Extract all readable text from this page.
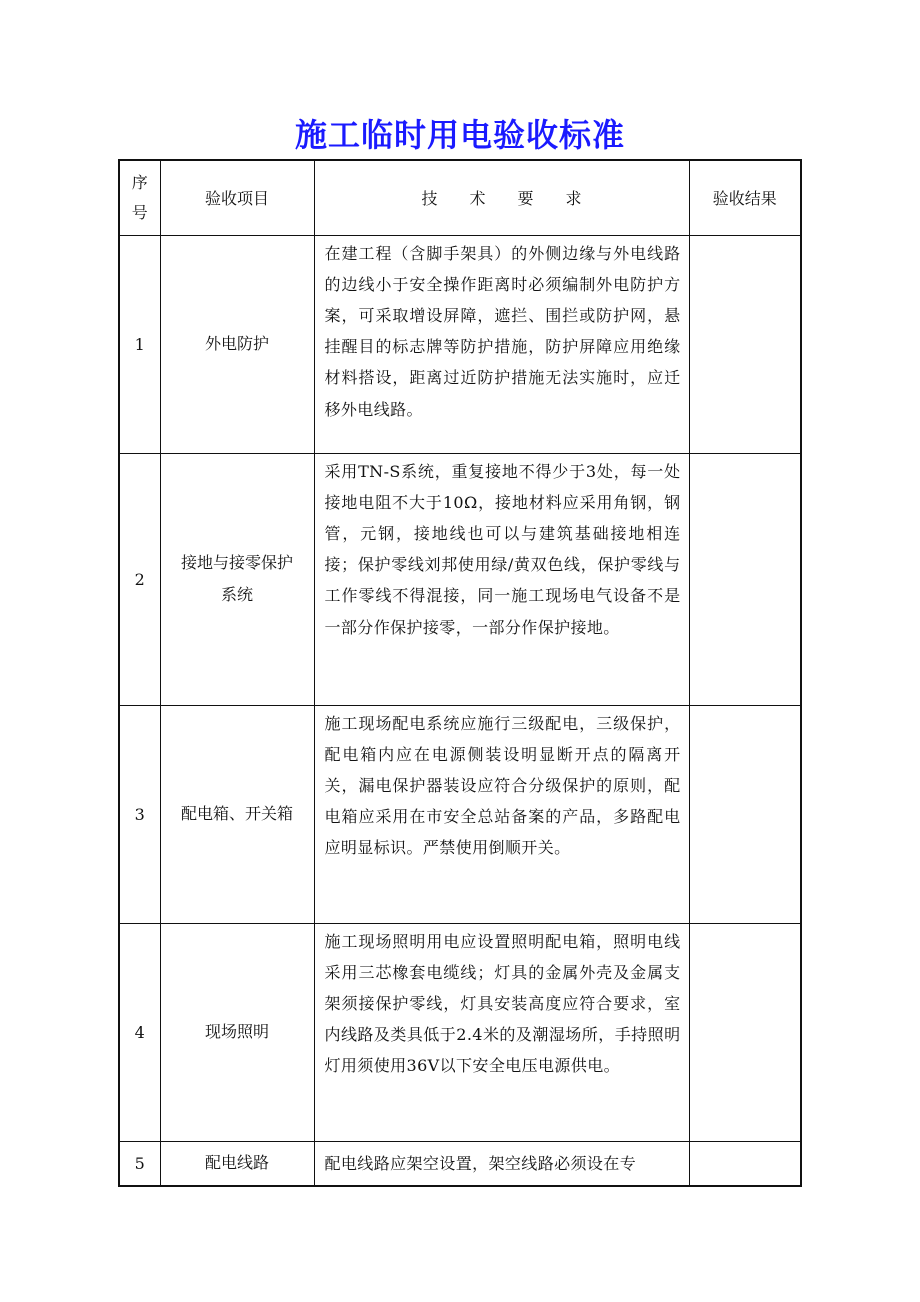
施工临时用电验收标准
序
号	验收项目	技术要求	验收结果
1	外电防护	在建工程（含脚手架具）的外侧边缘与外电线路的边线小于安全操作距离时必须编制外电防护方案，可采取增设屏障，遮拦、围拦或防护网，悬挂醒目的标志牌等防护措施，防护屏障应用绝缘材料搭设，距离过近防护措施无法实施时，应迁移外电线路。	

2	接地与接零保护系统	采用TN-S系统，重复接地不得少于3处，每一处接地电阻不大于10Ω，接地材料应采用角钢，钢管，元钢，接地线也可以与建筑基础接地相连接；保护零线刘邦使用绿/黄双色线，保护零线与工作零线不得混接，同一施工现场电气设备不是一部分作保护接零，一部分作保护接地。	

3	配电箱、开关箱	施工现场配电系统应施行三级配电，三级保护，配电箱内应在电源侧装设明显断开点的隔离开关，漏电保护器装设应符合分级保护的原则，配电箱应采用在市安全总站备案的产品，多路配电应明显标识。严禁使用倒顺开关。	

4	现场照明	施工现场照明用电应设置照明配电箱，照明电线采用三芯橡套电缆线；灯具的金属外壳及金属支架须接保护零线，灯具安装高度应符合要求，室内线路及类具低于2.4米的及潮湿场所，手持照明灯用须使用36V以下安全电压电源供电。	

5	配电线路	配电线路应架空设置，架空线路必须设在专	
